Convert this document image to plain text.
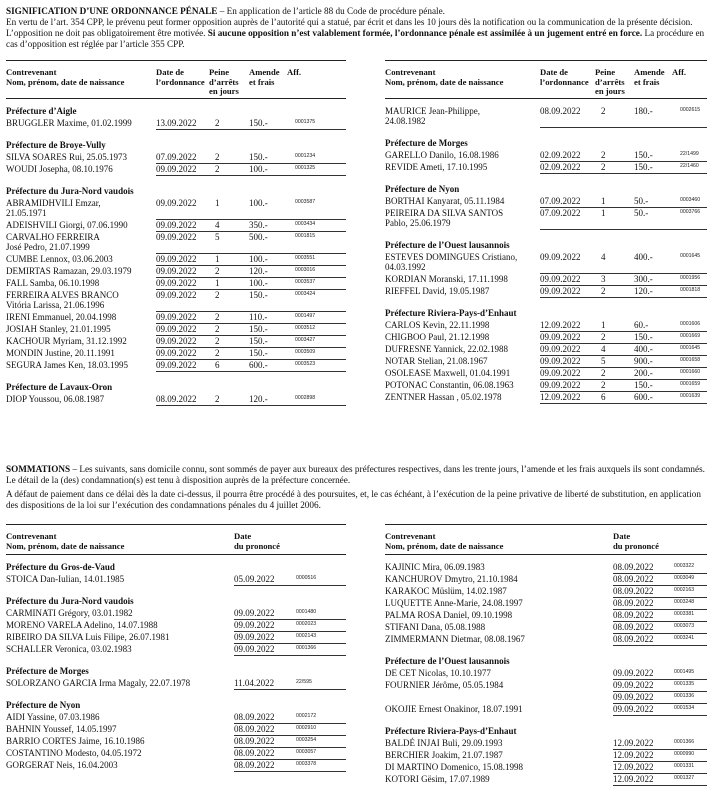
SIGNIFICATION D’UNE ORDONNANCE PÉNALE – En application de l’article 88 du Code de procédure pénale.
En vertu de l’art. 354 CPP, le prévenu peut former opposition auprès de l’autorité qui a statué, par écrit et dans les 10 jours dès la notification ou la communication de la présente décision. L’opposition ne doit pas obligatoirement être motivée. Si aucune opposition n’est valablement formée, l’ordonnance pénale est assimilée à un jugement entré en force. La procédure en cas d’opposition est réglée par l’article 355 CPP.

Contrevenant
Nom, prénom, date de naissance
Date de
l’ordonnance
Peine
d’arrêts
en jours
Amende
et frais
Aff.
Préfecture d’Aigle
BRUGGLER Maxime, 01.02.1999	13.09.2022 2	150.-	0001375
Préfecture de Broye-Vully
SILVA SOARES Rui, 25.05.1973	07.09.2022 2	150.-	0001234
WOUDI Josepha, 08.10.1976	09.09.2022 2	100.-	0001325
Préfecture du Jura-Nord vaudois
ABRAMIDHVILI Emzar,	09.09.2022 1	100.-	0003587
21.05.1971
ADEISHVILI Giorgi, 07.06.1990	09.09.2022 4	350.-	0003434
CARVALHO FERREIRA	09.09.2022 5	500.-	0001815
José Pedro, 21.07.1999
CUMBE Lennox, 03.06.2003	09.09.2022 1	100.-	0003551
DEMIRTAS Ramazan, 29.03.1979	09.09.2022 2	120.-	0003016
FALL Samba, 06.10.1998	09.09.2022 1	100.-	0003537
FERREIRA ALVES BRANCO	09.09.2022 2	150.-	0003424
Vitória Larissa, 21.06.1996
IRENI Emmanuel, 20.04.1998	09.09.2022 2	110.-	0001497
JOSIAH Stanley, 21.01.1995	09.09.2022 2	150.-	0003512
KACHOUR Myriam, 31.12.1992	09.09.2022 2	150.-	0003427
MONDIN Justine, 20.11.1991	09.09.2022 2	150.-	0003509
SEGURA James Ken, 18.03.1995	09.09.2022 6	600.-	0003523
Préfecture de Lavaux-Oron
DIOP Youssou, 06.08.1987	08.09.2022 2	120.-	0002898
Contrevenant
Nom, prénom, date de naissance
Date de
l’ordonnance
Peine
d’arrêts
en jours
Amende
et frais
Aff.
MAURICE Jean-Philippe,	08.09.2022 2	180.-	0002615
24.08.1982
Préfecture de Morges
GARELLO Danilo, 16.08.1986	02.09.2022 2	150.-	22/1499
REVIDE Ameti, 17.10.1995	02.09.2022 2	150.-	22/1460
Préfecture de Nyon
BORTHAI Kanyarat, 05.11.1984	07.09.2022 1	50.-	0003460
PEIREIRA DA SILVA SANTOS	07.09.2022 1	50.-	0003766
Pablo, 25.06.1979
Préfecture de l’Ouest lausannois
ESTEVES DOMINGUES Cristiano,	09.09.2022 4	400.-	0001645
04.03.1992
KORDIAN Moranski, 17.11.1998	09.09.2022 3	300.-	0001956
RIEFFEL David, 19.05.1987	09.09.2022 2	120.-	0001818
Préfecture Riviera-Pays-d’Enhaut
CARLOS Kevin, 22.11.1998	12.09.2022 1	60.-	0001606
CHIGBOO Paul, 21.12.1998	09.09.2022 2	150.-	0001669
DUFRESNE Yannick, 22.02.1988	09.09.2022 4	400.-	0001645
NOTAR Stelian, 21.08.1967	09.09.2022 5	900.-	0001658
OSOLEASE Maxwell, 01.04.1991	09.09.2022 2	200.-	0001660
POTONAC Constantin, 06.08.1963	09.09.2022 2	150.-	0001659
ZENTNER Hassan , 05.02.1978	12.09.2022 6	600.-	0001639

SOMMATIONS – Les suivants, sans domicile connu, sont sommés de payer aux bureaux des préfectures respectives, dans les trente jours, l’amende et les frais auxquels ils sont condamnés. Le détail de la (des) condamnation(s) est tenu à disposition auprès de la préfecture concernée.

A défaut de paiement dans ce délai dès la date ci-dessus, il pourra être procédé à des poursuites, et, le cas échéant, à l’exécution de la peine privative de liberté de substitution, en application des dispositions de la loi sur l’exécution des condamnations pénales du 4 juillet 2006.

Contrevenant
Nom, prénom, date de naissance
Date
du prononcé
Préfecture du Gros-de-Vaud
STOICA Dan-Iulian, 14.01.1985	05.09.2022	0000516
Préfecture du Jura-Nord vaudois
CARMINATI Grégory, 03.01.1982	09.09.2022	0001480
MORENO VARELA Adelino, 14.07.1988	09.09.2022	0002023
RIBEIRO DA SILVA Luis Filipe, 26.07.1981	09.09.2022	0002143
SCHALLER Veronica, 03.02.1983	09.09.2022	0001366
Préfecture de Morges
SOLORZANO GARCIA Irma Magaly, 22.07.1978	11.04.2022	22/595
Préfecture de Nyon
AIDI Yassine, 07.03.1986	08.09.2022	0002172
BAHNIN Youssef, 14.05.1997	08.09.2022	0002910
BARRIO CORTES Jaime, 16.10.1986	08.09.2022	0003254
COSTANTINO Modesto, 04.05.1972	08.09.2022	0003057
GORGERAT Neis, 16.04.2003	08.09.2022	0003378
Contrevenant
Nom, prénom, date de naissance
Date
du prononcé
KAJINIC Mira, 06.09.1983	08.09.2022	0003322
KANCHUROV Dmytro, 21.10.1984	08.09.2022	0003049
KARAKOC Müslüm, 14.02.1987	08.09.2022	0002163
LUQUETTE Anne-Marie, 24.08.1997	08.09.2022	0003248
PALMA ROSA Daniel, 09.10.1998	08.09.2022	0003381
STIFANI Dana, 05.08.1988	08.09.2022	0003073
ZIMMERMANN Dietmar, 08.08.1967	08.09.2022	0003241
Préfecture de l’Ouest lausannois
DE CET Nicolas, 10.10.1977	09.09.2022	0001495
FOURNIER Jérôme, 05.05.1984	09.09.2022	0001335
09.09.2022	0001336
OKOJIE Ernest Onakinor, 18.07.1991	09.09.2022	0001534
Préfecture Riviera-Pays-d’Enhaut
BALDÉ INJAI Buli, 29.09.1993	12.09.2022	0001366
BERCHIER Joakim, 21.07.1987	12.09.2022	0000990
DI MARTINO Domenico, 15.08.1998	12.09.2022	0001331
KOTORI Gësim, 17.07.1989	12.09.2022	0001327
